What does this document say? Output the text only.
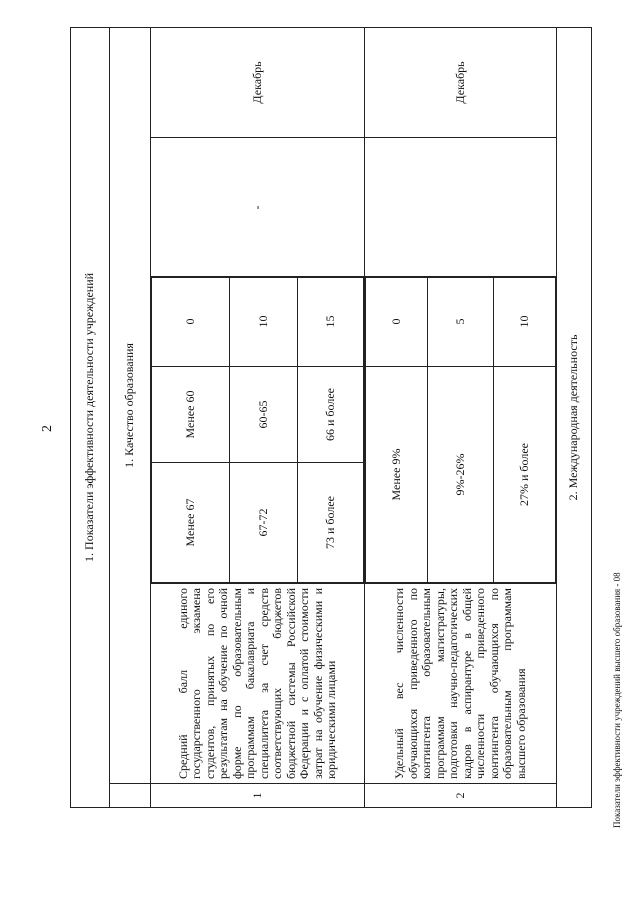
2 1. Показатели эффективности деятельности учреждений
	1. Качество образования
1	Средний балл единого государственного экзамена студентов, принятых по его результатам на обучение по очной форме по образовательным программам бакалавриата и специалитета за счет средств соответствующих бюджетов бюджетной системы Российской Федерации и с оплатой стоимости затрат на обучение физическими и юридическими лицами	
Менее 67	Менее 60	0
67-72	60-65	10
73 и более	66 и более	15
	-	Декабрь
2	Удельный вес численности обучающихся приведенного по контингента образовательным программам магистратуры, подготовки научно-педагогических кадров в аспирантуре в общей численности приведенного контингента обучающихся по образовательным программам высшего образования	
Менее 9%	0
9%-26%	5
27% и более	10
		Декабрь
2. Международная деятельность
Показатели эффективности учреждений высшего образования - 08
